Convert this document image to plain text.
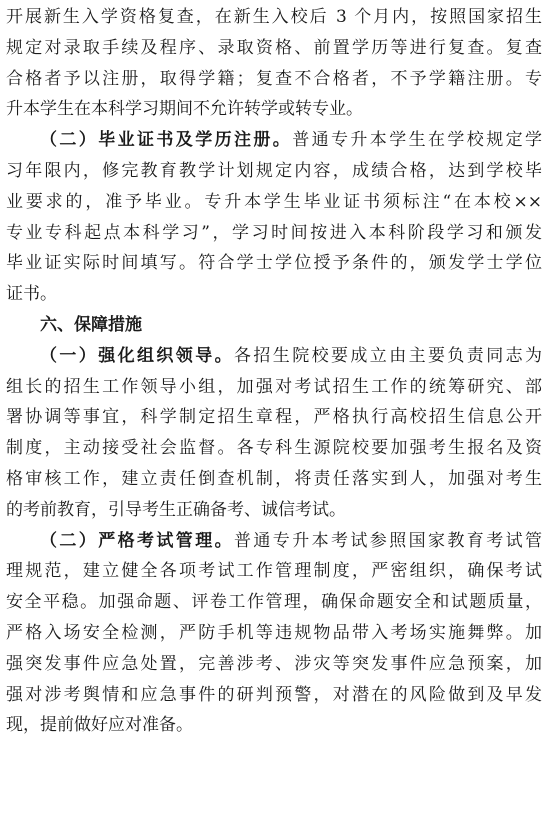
开展新生入学资格复查，在新生入校后 3 个月内，按照国家招生
规定对录取手续及程序、录取资格、前置学历等进行复查。复查
合格者予以注册，取得学籍；复查不合格者，不予学籍注册。专
升本学生在本科学习期间不允许转学或转专业。
（二）毕业证书及学历注册。普通专升本学生在学校规定学
习年限内，修完教育教学计划规定内容，成绩合格，达到学校毕
业要求的，准予毕业。专升本学生毕业证书须标注“在本校××
专业专科起点本科学习”，学习时间按进入本科阶段学习和颁发
毕业证实际时间填写。符合学士学位授予条件的，颁发学士学位
证书。
六、保障措施
（一）强化组织领导。各招生院校要成立由主要负责同志为
组长的招生工作领导小组，加强对考试招生工作的统筹研究、部
署协调等事宜，科学制定招生章程，严格执行高校招生信息公开
制度，主动接受社会监督。各专科生源院校要加强考生报名及资
格审核工作，建立责任倒查机制，将责任落实到人，加强对考生
的考前教育，引导考生正确备考、诚信考试。
（二）严格考试管理。普通专升本考试参照国家教育考试管
理规范，建立健全各项考试工作管理制度，严密组织，确保考试
安全平稳。加强命题、评卷工作管理，确保命题安全和试题质量，
严格入场安全检测，严防手机等违规物品带入考场实施舞弊。加
强突发事件应急处置，完善涉考、涉灾等突发事件应急预案，加
强对涉考舆情和应急事件的研判预警，对潜在的风险做到及早发
现，提前做好应对准备。
